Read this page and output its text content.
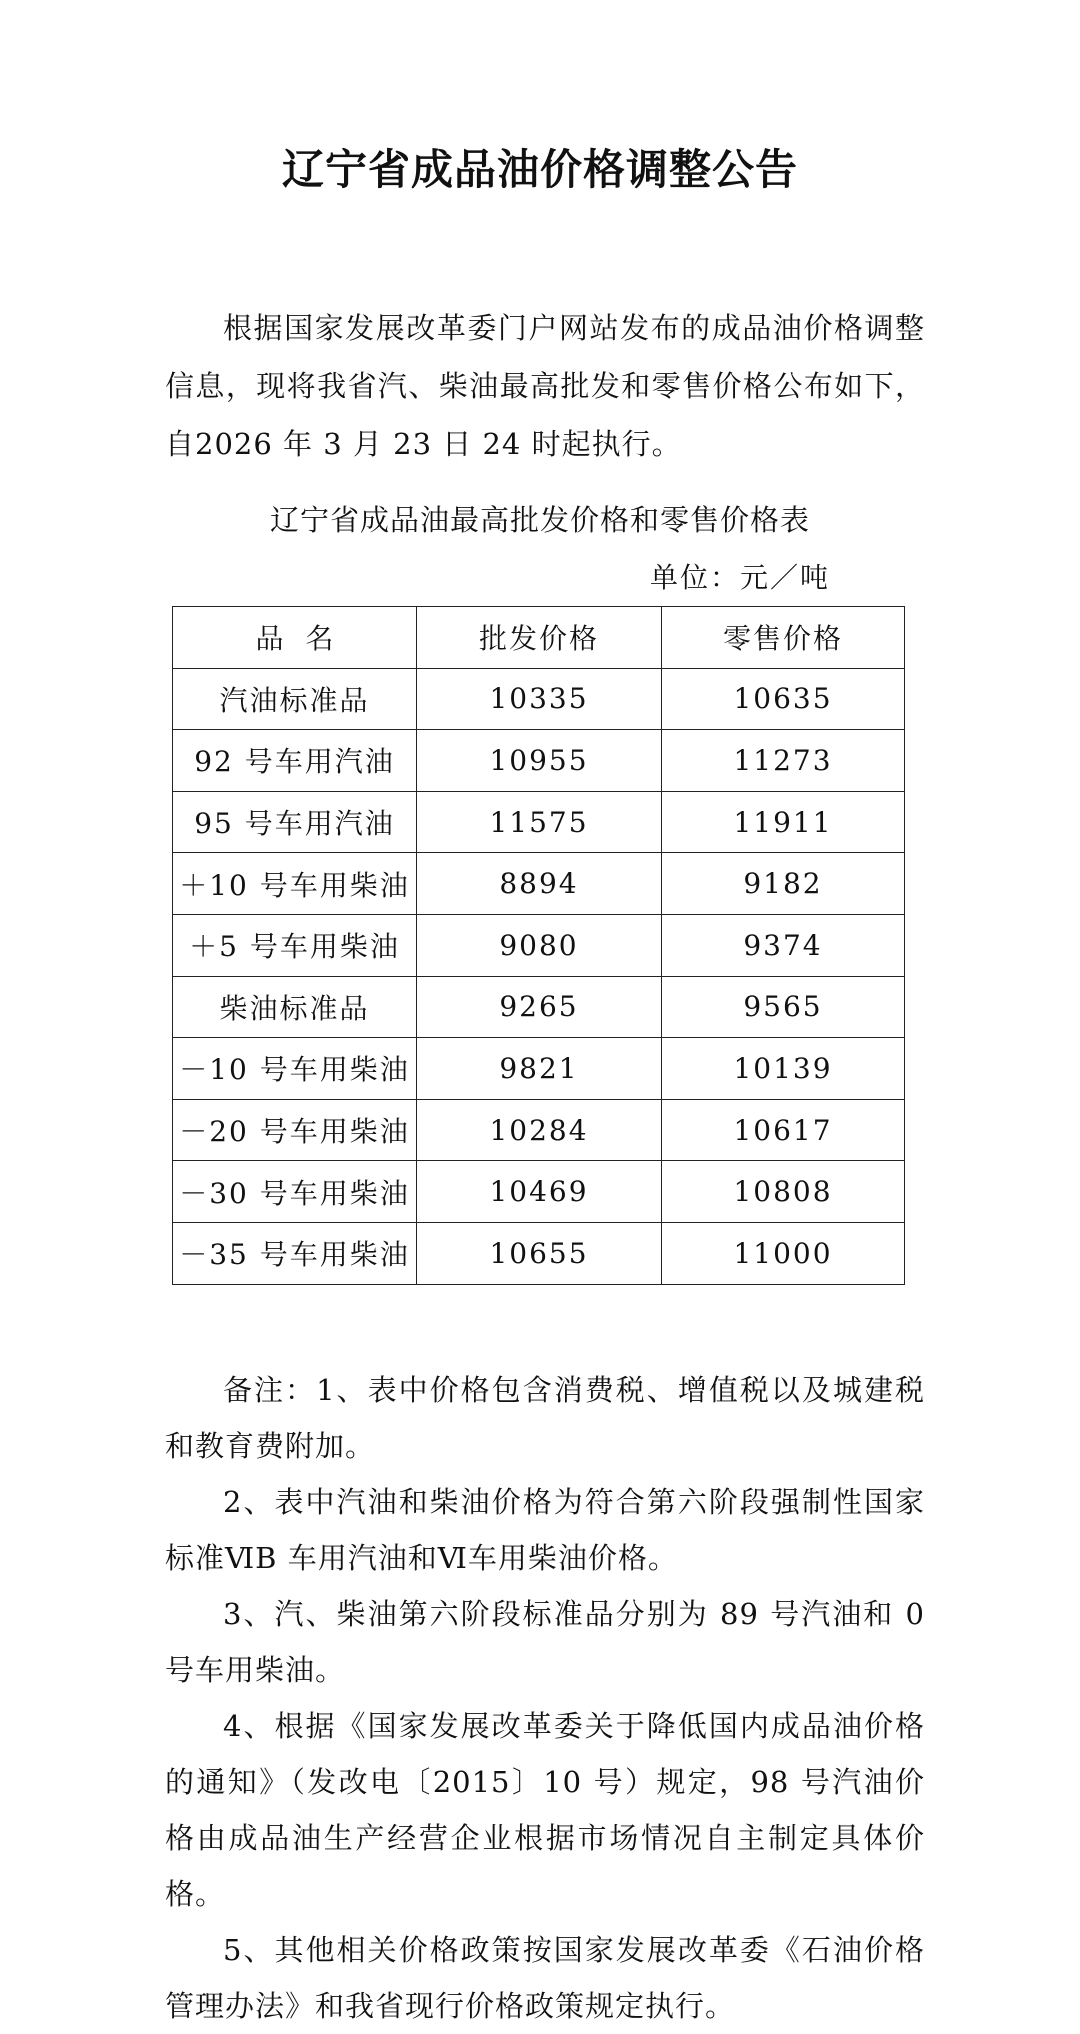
辽宁省成品油价格调整公告

根据国家发展改革委门户网站发布的成品油价格调整信息，现将我省汽、柴油最高批发和零售价格公布如下，自2026 年 3 月 23 日 24 时起执行。

辽宁省成品油最高批发价格和零售价格表
单位：元／吨
品名	批发价格	零售价格
汽油标准品	10335	10635
92 号车用汽油	10955	11273
95 号车用汽油	11575	11911
＋10 号车用柴油	8894	9182
＋5 号车用柴油	9080	9374
柴油标准品	9265	9565
－10 号车用柴油	9821	10139
－20 号车用柴油	10284	10617
－30 号车用柴油	10469	10808
－35 号车用柴油	10655	11000

备注：1、表中价格包含消费税、增值税以及城建税和教育费附加。

2、表中汽油和柴油价格为符合第六阶段强制性国家标准ⅥB 车用汽油和Ⅵ车用柴油价格。

3、汽、柴油第六阶段标准品分别为 89 号汽油和 0 号车用柴油。

4、根据《国家发展改革委关于降低国内成品油价格的通知》（发改电〔2015〕10 号）规定，98 号汽油价格由成品油生产经营企业根据市场情况自主制定具体价格。

5、其他相关价格政策按国家发展改革委《石油价格管理办法》和我省现行价格政策规定执行。
